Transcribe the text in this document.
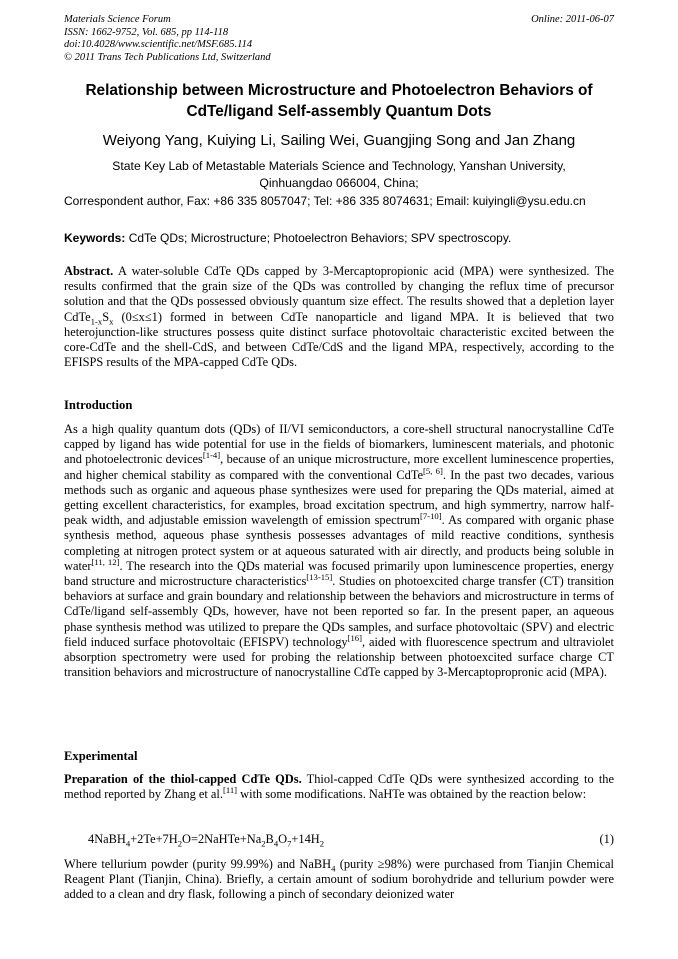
Materials Science Forum
ISSN: 1662-9752, Vol. 685, pp 114-118
doi:10.4028/www.scientific.net/MSF.685.114
© 2011 Trans Tech Publications Ltd, Switzerland
Online: 2011-06-07
Relationship between Microstructure and Photoelectron Behaviors of
CdTe/ligand Self-assembly Quantum Dots
Weiyong Yang, Kuiying Li, Sailing Wei, Guangjing Song and Jan Zhang
State Key Lab of Metastable Materials Science and Technology, Yanshan University,
Qinhuangdao 066004, China;
Correspondent author, Fax: +86 335 8057047; Tel: +86 335 8074631; Email: kuiyingli@ysu.edu.cn
Keywords: CdTe QDs; Microstructure; Photoelectron Behaviors; SPV spectroscopy.
Abstract. A water-soluble CdTe QDs capped by 3-Mercaptopropionic acid (MPA) were synthesized. The results confirmed that the grain size of the QDs was controlled by changing the reflux time of precursor solution and that the QDs possessed obviously quantum size effect. The results showed that a depletion layer $CdTe_{1-x}S_x$ (0≤x≤1) formed in between CdTe nanoparticle and ligand MPA. It is believed that two heterojunction-like structures possess quite distinct surface photovoltaic characteristic excited between the core-CdTe and the shell-CdS, and between CdTe/CdS and the ligand MPA, respectively, according to the EFISPS results of the MPA-capped CdTe QDs.
Introduction
As a high quality quantum dots (QDs) of II/VI semiconductors, a core-shell structural nanocrystalline CdTe capped by ligand has wide potential for use in the fields of biomarkers, luminescent materials, and photonic and photoelectronic devices[1-4], because of an unique microstructure, more excellent luminescence properties, and higher chemical stability as compared with the conventional CdTe[5, 6]. In the past two decades, various methods such as organic and aqueous phase synthesizes were used for preparing the QDs material, aimed at getting excellent characteristics, for examples, broad excitation spectrum, and high symmertry, narrow half-peak width, and adjustable emission wavelength of emission spectrum[7-10]. As compared with organic phase synthesis method, aqueous phase synthesis possesses advantages of mild reactive conditions, synthesis completing at nitrogen protect system or at aqueous saturated with air directly, and products being soluble in water[11, 12]. The research into the QDs material was focused primarily upon luminescence properties, energy band structure and microstructure characteristics[13-15]. Studies on photoexcited charge transfer (CT) transition behaviors at surface and grain boundary and relationship between the behaviors and microstructure in terms of CdTe/ligand self-assembly QDs, however, have not been reported so far. In the present paper, an aqueous phase synthesis method was utilized to prepare the QDs samples, and surface photovoltaic (SPV) and electric field induced surface photovoltaic (EFISPV) technology[16], aided with fluorescence spectrum and ultraviolet absorption spectrometry were used for probing the relationship between photoexcited surface charge CT transition behaviors and microstructure of nanocrystalline CdTe capped by 3-Mercaptopropronic acid (MPA).
Experimental
Preparation of the thiol-capped CdTe QDs. Thiol-capped CdTe QDs were synthesized according to the method reported by Zhang et al.[11] with some modifications. NaHTe was obtained by the reaction below:
$4NaBH_4+2Te+7H_2O=2NaHTe+Na_2B_4O_7+14H_2$	(1)
Where tellurium powder (purity 99.99%) and NaBH$_4$ (purity ≥98%) were purchased from Tianjin Chemical Reagent Plant (Tianjin, China). Briefly, a certain amount of sodium borohydride and tellurium powder were added to a clean and dry flask, following a pinch of secondary deionized water
